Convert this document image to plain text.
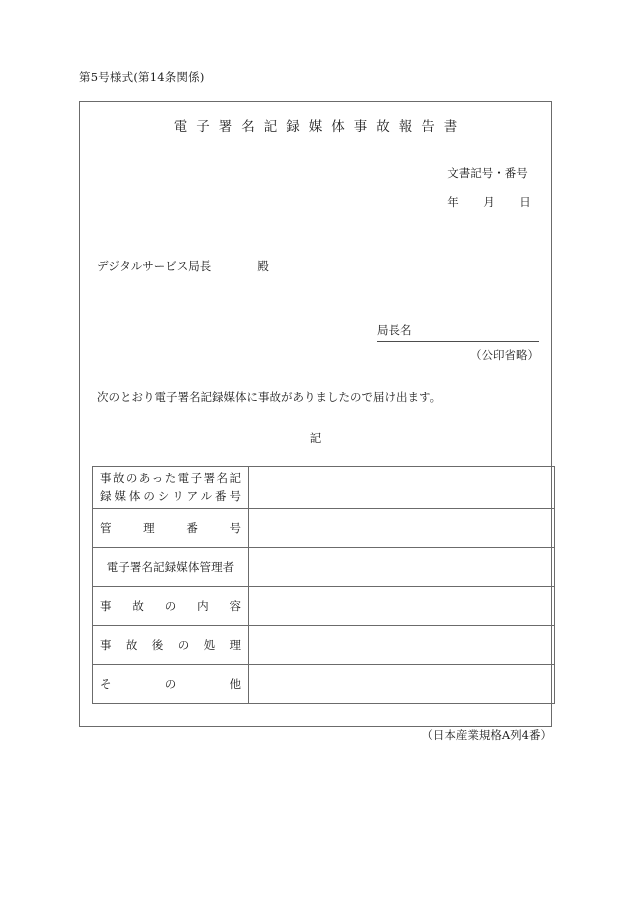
第5号様式(第14条関係)
電子署名記録媒体事故報告書
文書記号・番号
年 月 日
デジタルサービス局長	殿
局長名
（公印省略）
次のとおり電子署名記録媒体に事故がありましたので届け出ます。
記
事故のあった電子署名記
録媒体のシリアル番号	

管理番号	

電子署名記録媒体管理者	

事故の内容	

事故後の処理	

その他	

（日本産業規格A列4番）
